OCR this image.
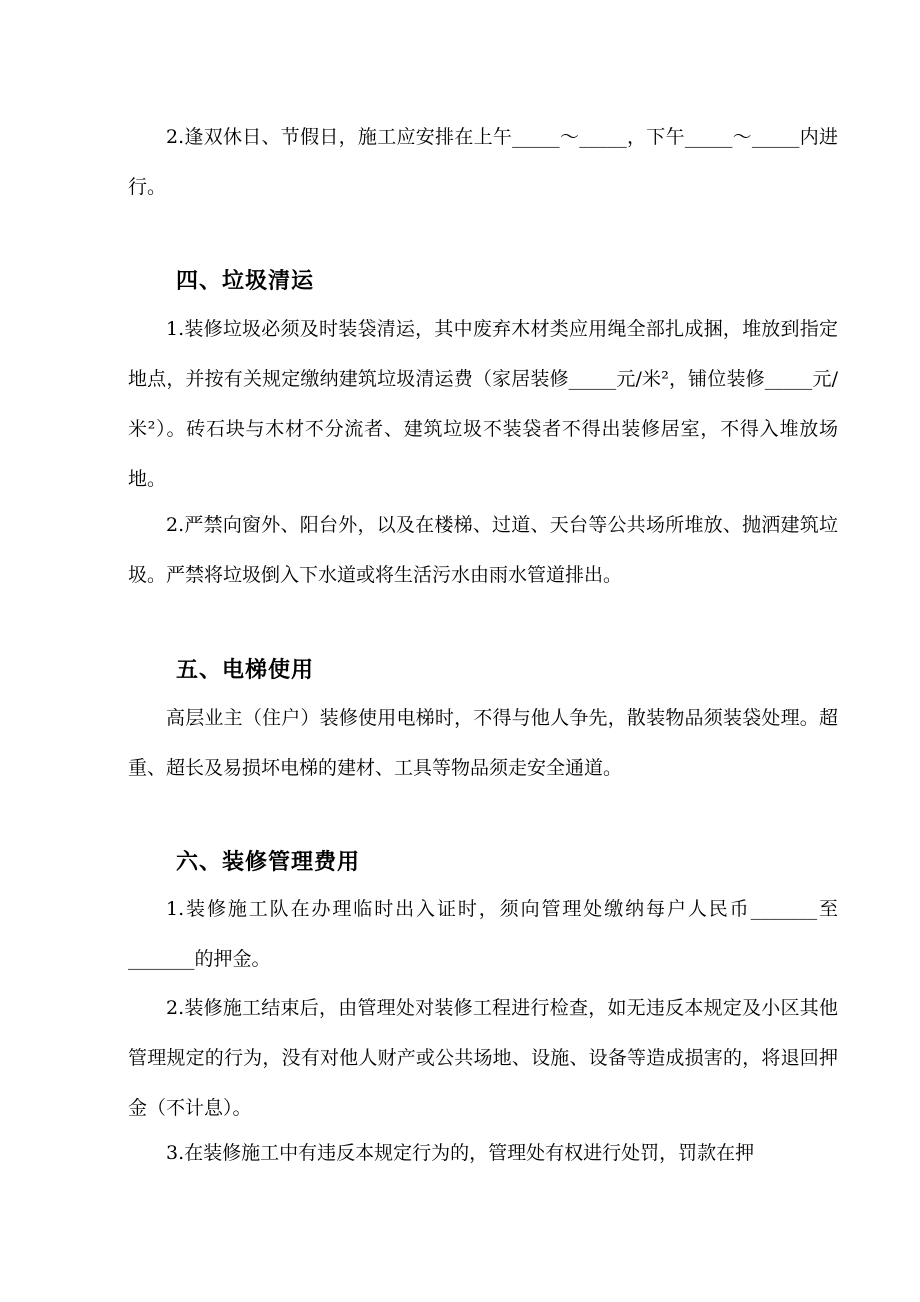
2.逢双休日、节假日，施工应安排在上午_____～_____，下午_____～_____内进行。

四、垃圾清运

1.装修垃圾必须及时装袋清运，其中废弃木材类应用绳全部扎成捆，堆放到指定地点，并按有关规定缴纳建筑垃圾清运费（家居装修_____元/米²，铺位装修_____元/米²）。砖石块与木材不分流者、建筑垃圾不装袋者不得出装修居室，不得入堆放场地。

2.严禁向窗外、阳台外，以及在楼梯、过道、天台等公共场所堆放、抛洒建筑垃圾。严禁将垃圾倒入下水道或将生活污水由雨水管道排出。

五、电梯使用

高层业主（住户）装修使用电梯时，不得与他人争先，散装物品须装袋处理。超重、超长及易损坏电梯的建材、工具等物品须走安全通道。

六、装修管理费用

1.装修施工队在办理临时出入证时，须向管理处缴纳每户人民币_______至_______的押金。

2.装修施工结束后，由管理处对装修工程进行检查，如无违反本规定及小区其他管理规定的行为，没有对他人财产或公共场地、设施、设备等造成损害的，将退回押金（不计息）。

3.在装修施工中有违反本规定行为的，管理处有权进行处罚，罚款在押
